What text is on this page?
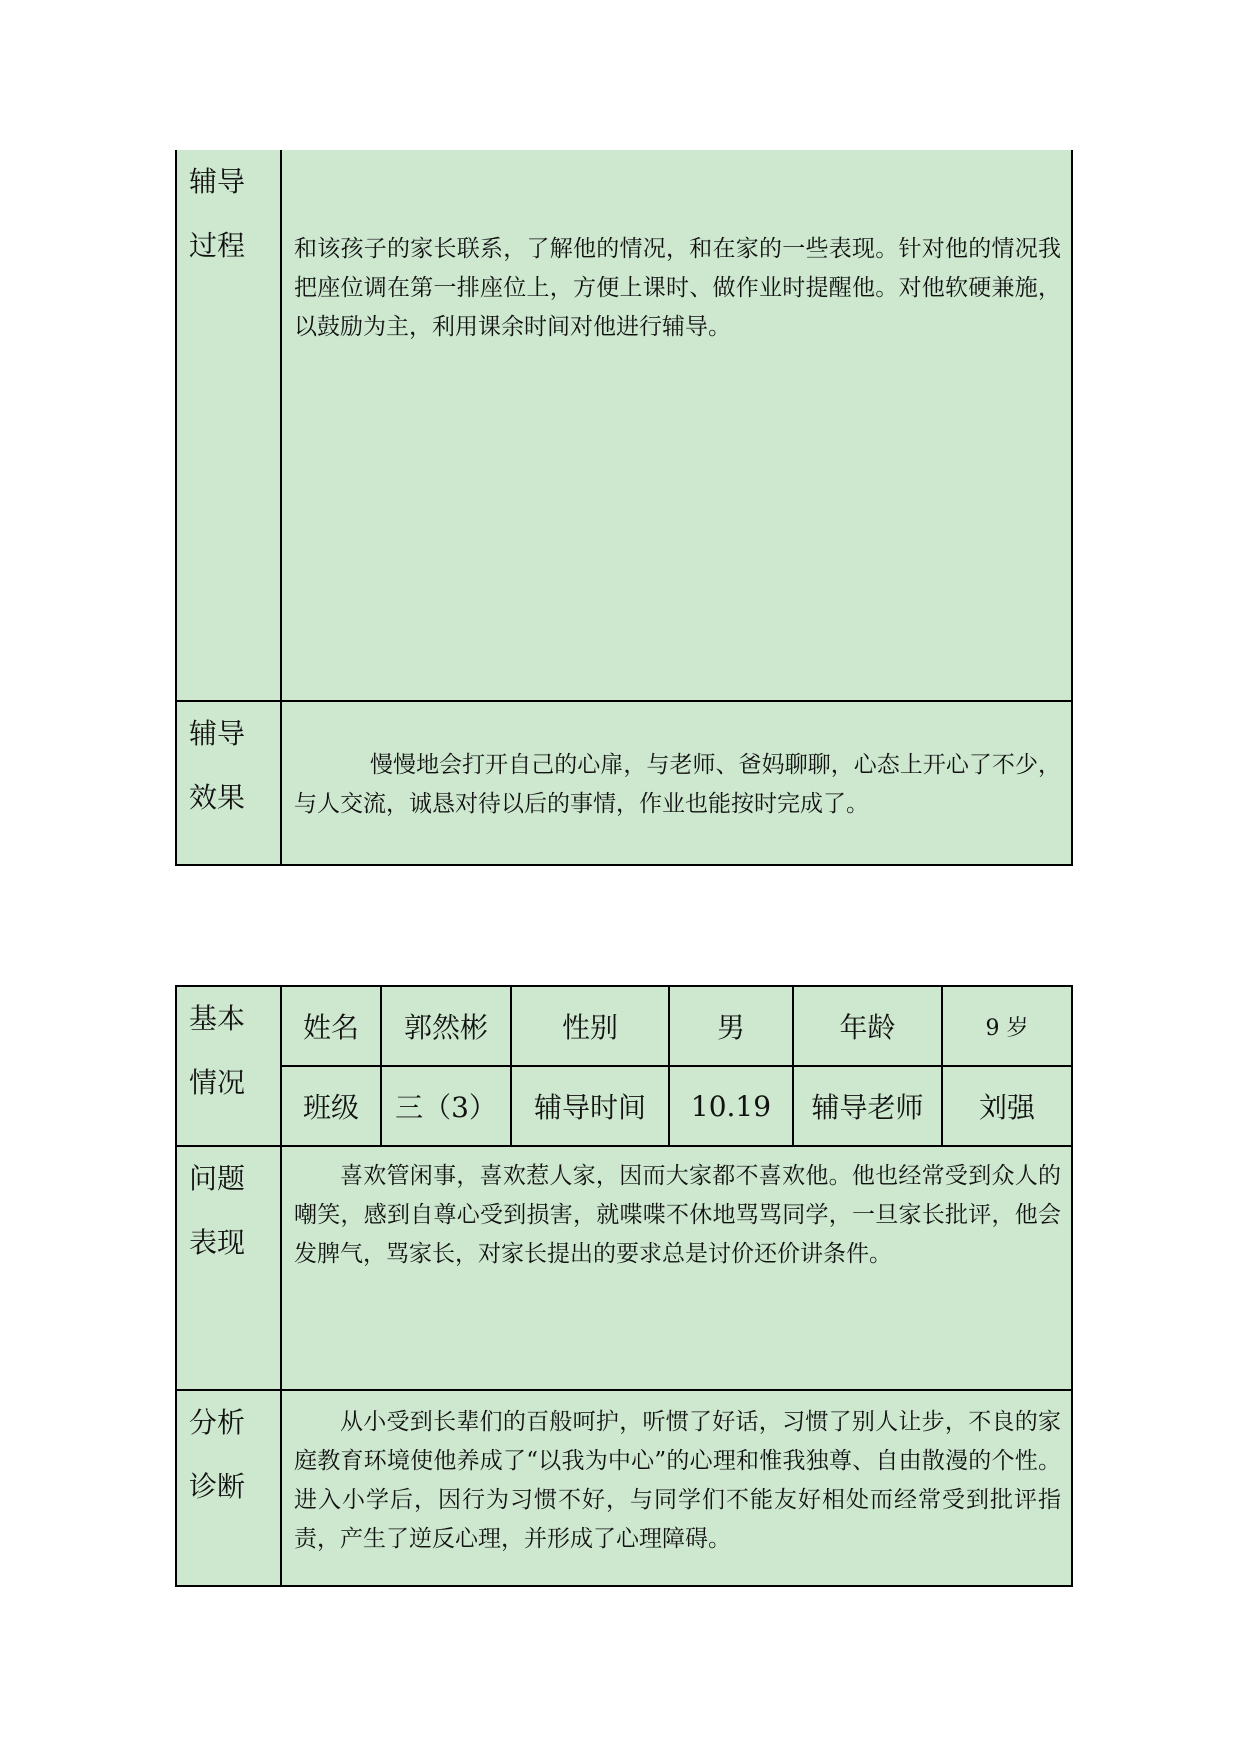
辅导
过程	和该孩子的家长联系，了解他的情况，和在家的一些表现。针对他的情况我把座位调在第一排座位上，方便上课时、做作业时提醒他。对他软硬兼施，以鼓励为主，利用课余时间对他进行辅导。

辅导
效果	慢慢地会打开自己的心扉，与老师、爸妈聊聊，心态上开心了不少，与人交流，诚恳对待以后的事情，作业也能按时完成了。

基本
情况	姓名	郭然彬	性别	男	年龄	9 岁
	班级	三（3）	辅导时间	10.19	辅导老师	刘强

问题
表现	喜欢管闲事，喜欢惹人家，因而大家都不喜欢他。他也经常受到众人的嘲笑，感到自尊心受到损害，就喋喋不休地骂骂同学，一旦家长批评，他会发脾气，骂家长，对家长提出的要求总是讨价还价讲条件。					

分析
诊断	从小受到长辈们的百般呵护，听惯了好话，习惯了别人让步，不良的家庭教育环境使他养成了“以我为中心”的心理和惟我独尊、自由散漫的个性。进入小学后，因行为习惯不好，与同学们不能友好相处而经常受到批评指责，产生了逆反心理，并形成了心理障碍。					
